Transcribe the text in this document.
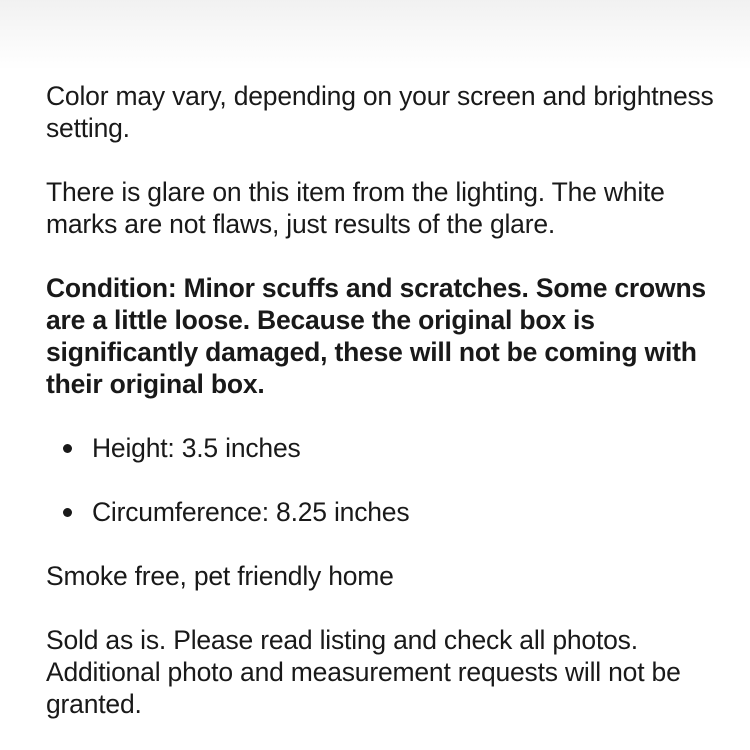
Color may vary, depending on your screen and brightness setting.

There is glare on this item from the lighting. The white marks are not flaws, just results of the glare.

Condition: Minor scuffs and scratches. Some crowns are a little loose. Because the original box is significantly damaged, these will not be coming with their original box.

Height: 3.5 inches
Circumference: 8.25 inches

Smoke free, pet friendly home

Sold as is. Please read listing and check all photos. Additional photo and measurement requests will not be granted.
